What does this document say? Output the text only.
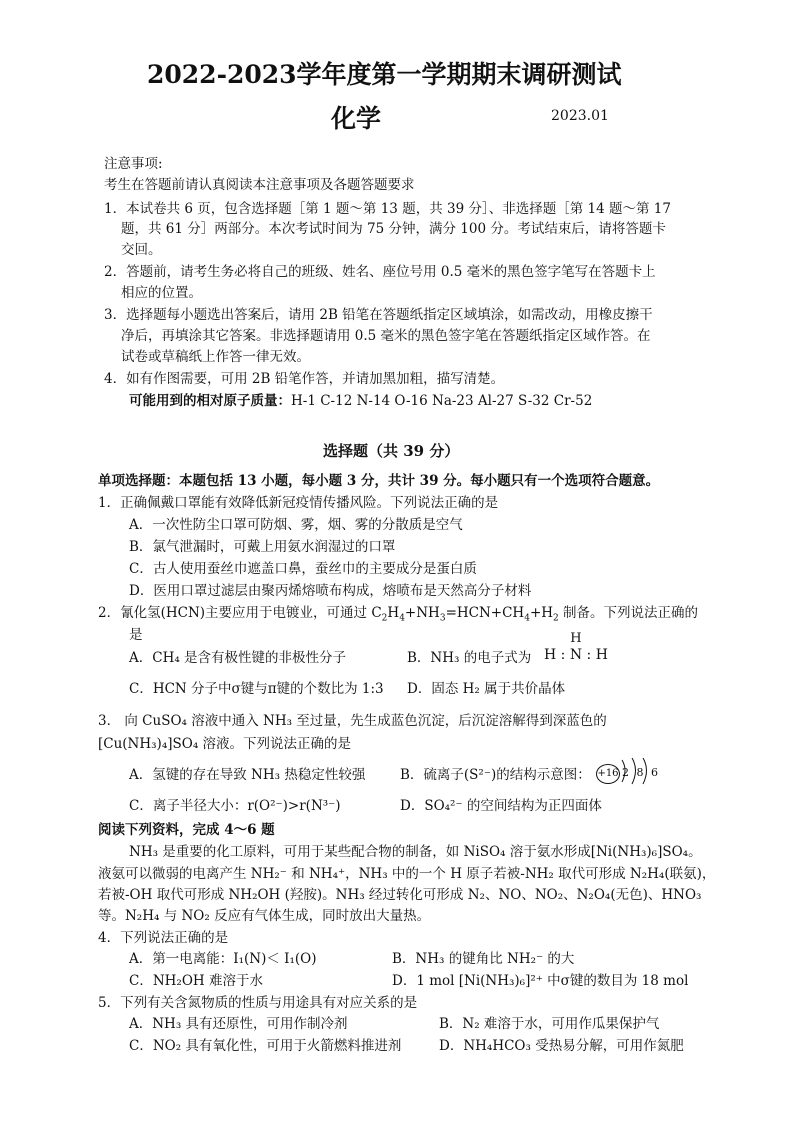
2022-2023学年度第一学期期末调研测试
化学	2023.01
注意事项:
考生在答题前请认真阅读本注意事项及各题答题要求
1．本试卷共 6 页，包含选择题［第 1 题～第 13 题，共 39 分］、非选择题［第 14 题～第 17
题，共 61 分］两部分。本次考试时间为 75 分钟，满分 100 分。考试结束后，请将答题卡
交回。
2．答题前，请考生务必将自己的班级、姓名、座位号用 0.5 毫米的黑色签字笔写在答题卡上
相应的位置。
3．选择题每小题选出答案后，请用 2B 铅笔在答题纸指定区域填涂，如需改动，用橡皮擦干
净后，再填涂其它答案。非选择题请用 0.5 毫米的黑色签字笔在答题纸指定区域作答。在
试卷或草稿纸上作答一律无效。
4．如有作图需要，可用 2B 铅笔作答，并请加黑加粗，描写清楚。
可能用到的相对原子质量：H-1 C-12 N-14 O-16 Na-23 Al-27 S-32 Cr-52
选择题（共 39 分）
单项选择题：本题包括 13 小题，每小题 3 分，共计 39 分。每小题只有一个选项符合题意。
1．正确佩戴口罩能有效降低新冠疫情传播风险。下列说法正确的是
A．一次性防尘口罩可防烟、雾，烟、雾的分散质是空气
B．氯气泄漏时，可戴上用氨水润湿过的口罩
C．古人使用蚕丝巾遮盖口鼻，蚕丝巾的主要成分是蛋白质
D．医用口罩过滤层由聚丙烯熔喷布构成，熔喷布是天然高分子材料
2．氰化氢(HCN)主要应用于电镀业，可通过 $C_2H_4+NH_3=HCN+CH_4+H_2$ 制备。下列说法正确的
是
A．CH₄ 是含有极性键的非极性分子	B．NH₃ 的电子式为
H
H : N : H
C．HCN 分子中σ键与π键的个数比为 1:3 D．固态 H₂ 属于共价晶体
3． 向 CuSO₄ 溶液中通入 NH₃ 至过量，先生成蓝色沉淀，后沉淀溶解得到深蓝色的
[Cu(NH₃)₄]SO₄ 溶液。下列说法正确的是
A．氢键的存在导致 NH₃ 热稳定性较强	B．硫离子(S²⁻)的结构示意图： +16 2 8 6
C．离子半径大小：r(O²⁻)>r(N³⁻)	D．SO₄²⁻ 的空间结构为正四面体
阅读下列资料，完成 4～6 题
NH₃ 是重要的化工原料，可用于某些配合物的制备，如 NiSO₄ 溶于氨水形成[Ni(NH₃)₆]SO₄。
液氨可以微弱的电离产生 NH₂⁻ 和 NH₄⁺，NH₃ 中的一个 H 原子若被-NH₂ 取代可形成 N₂H₄(联氨)，
若被-OH 取代可形成 NH₂OH (羟胺)。NH₃ 经过转化可形成 N₂、NO、NO₂、N₂O₄(无色)、HNO₃
等。N₂H₄ 与 NO₂ 反应有气体生成，同时放出大量热。
4．下列说法正确的是
A．第一电离能：I₁(N)＜ I₁(O)	B．NH₃ 的键角比 NH₂⁻ 的大
C．NH₂OH 难溶于水	D．1 mol [Ni(NH₃)₆]²⁺ 中σ键的数目为 18 mol
5．下列有关含氮物质的性质与用途具有对应关系的是
A．NH₃ 具有还原性，可用作制冷剂	B．N₂ 难溶于水，可用作瓜果保护气
C．NO₂ 具有氧化性，可用于火箭燃料推进剂	D．NH₄HCO₃ 受热易分解，可用作氮肥
